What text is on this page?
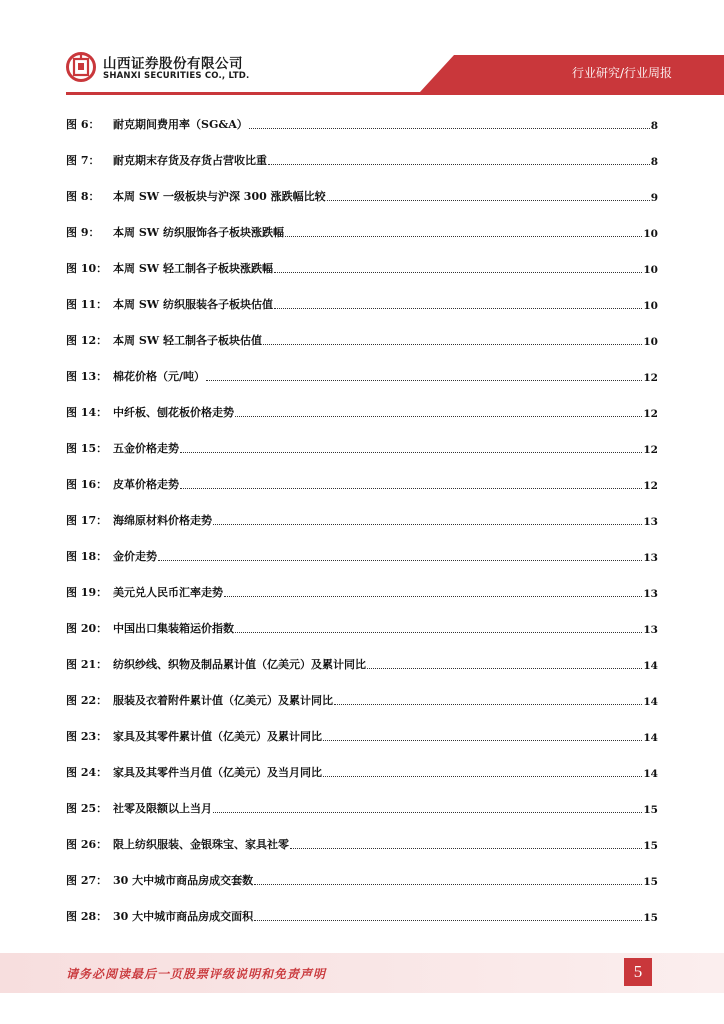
山西证券股份有限公司
SHANXI SECURITIES CO., LTD.	行业研究/行业周报
图 6：	耐克期间费用率（SG&A）	8
图 7：	耐克期末存货及存货占营收比重	8
图 8：	本周 SW 一级板块与沪深 300 涨跌幅比较	9
图 9：	本周 SW 纺织服饰各子板块涨跌幅	10
图 10： 本周 SW 轻工制各子板块涨跌幅	10
图 11： 本周 SW 纺织服装各子板块估值	10
图 12： 本周 SW 轻工制各子板块估值	10
图 13： 棉花价格（元/吨）	12
图 14： 中纤板、刨花板价格走势	12
图 15： 五金价格走势	12
图 16： 皮革价格走势	12
图 17： 海绵原材料价格走势	13
图 18： 金价走势	13
图 19： 美元兑人民币汇率走势	13
图 20： 中国出口集装箱运价指数	13
图 21： 纺织纱线、织物及制品累计值（亿美元）及累计同比	14
图 22： 服装及衣着附件累计值（亿美元）及累计同比	14
图 23： 家具及其零件累计值（亿美元）及累计同比	14
图 24： 家具及其零件当月值（亿美元）及当月同比	14
图 25： 社零及限额以上当月	15
图 26： 限上纺织服装、金银珠宝、家具社零	15
图 27： 30 大中城市商品房成交套数	15
图 28： 30 大中城市商品房成交面积	15
请务必阅读最后一页股票评级说明和免责声明	5
